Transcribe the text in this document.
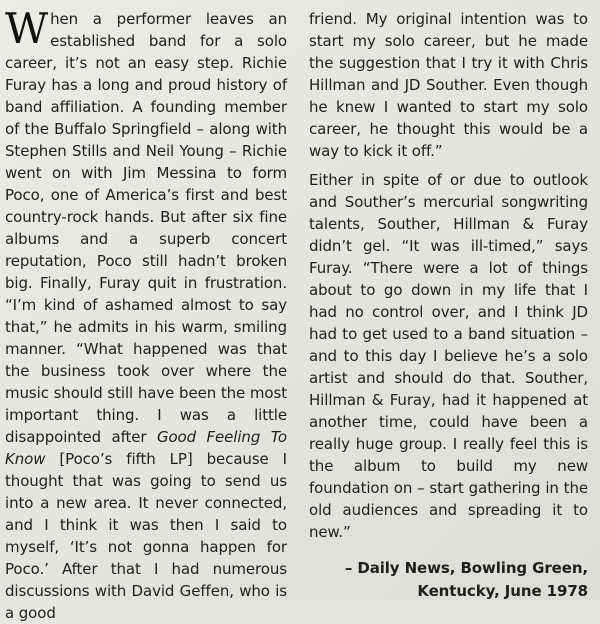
When a performer leaves an established band for a solo career, it’s not an easy step. Richie Furay has a long and proud history of band affiliation. A founding member of the Buffalo Springfield – along with Stephen Stills and Neil Young – Richie went on with Jim Messina to form Poco, one of America’s first and best country-rock hands. But after six fine albums and a superb concert reputation, Poco still hadn’t broken big. Finally, Furay quit in frustration. “I’m kind of ashamed almost to say that,” he admits in his warm, smiling manner. “What happened was that the business took over where the music should still have been the most important thing. I was a little disappointed after Good Feeling To Know [Poco’s fifth LP] because I thought that was going to send us into a new area. It never connected, and I think it was then I said to myself, ‘It’s not gonna happen for Poco.’ After that I had numerous discussions with David Geffen, who is a good

friend. My original intention was to start my solo career, but he made the suggestion that I try it with Chris Hillman and JD Souther. Even though he knew I wanted to start my solo career, he thought this would be a way to kick it off.”

Either in spite of or due to outlook and Souther’s mercurial songwriting talents, Souther, Hillman & Furay didn’t gel. “It was ill-timed,” says Furay. “There were a lot of things about to go down in my life that I had no control over, and I think JD had to get used to a band situation – and to this day I believe he’s a solo artist and should do that. Souther, Hillman & Furay, had it happened at another time, could have been a really huge group. I really feel this is the album to build my new foundation on – start gathering in the old audiences and spreading it to new.”

– Daily News, Bowling Green,
Kentucky, June 1978
